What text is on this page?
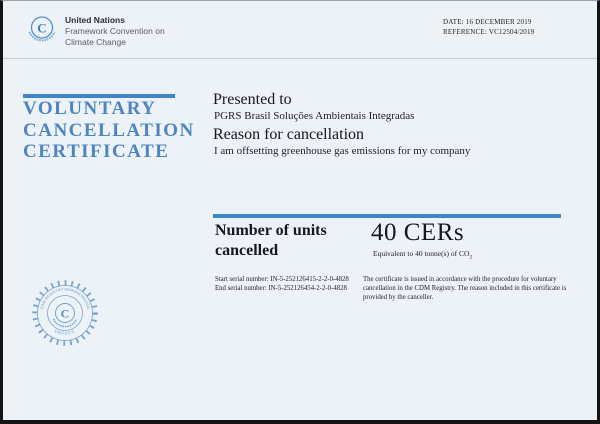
C
United Nations
Framework Convention on
Climate Change
DATE: 16 DECEMBER 2019
REFERENCE: VC12504/2019
VOLUNTARY
CANCELLATION
CERTIFICATE
Presented to
PGRS Brasil Soluções Ambientais Integradas
Reason for cancellation
I am offsetting greenhouse gas emissions for my company
Number of units
cancelled
40 CERs
Equivalent to 40 tonne(s) of $CO_2$
Start serial number: IN-5-252126415-2-2-0-4828
End serial number: IN-5-252126454-2-2-0-4828
The certificate is issued in accordance with the procedure for voluntary cancellation in the CDM Registry. The reason included in this certificate is provided by the canceller.
CDM REGISTRY ADMINISTRATOR
UNFCCC
C
